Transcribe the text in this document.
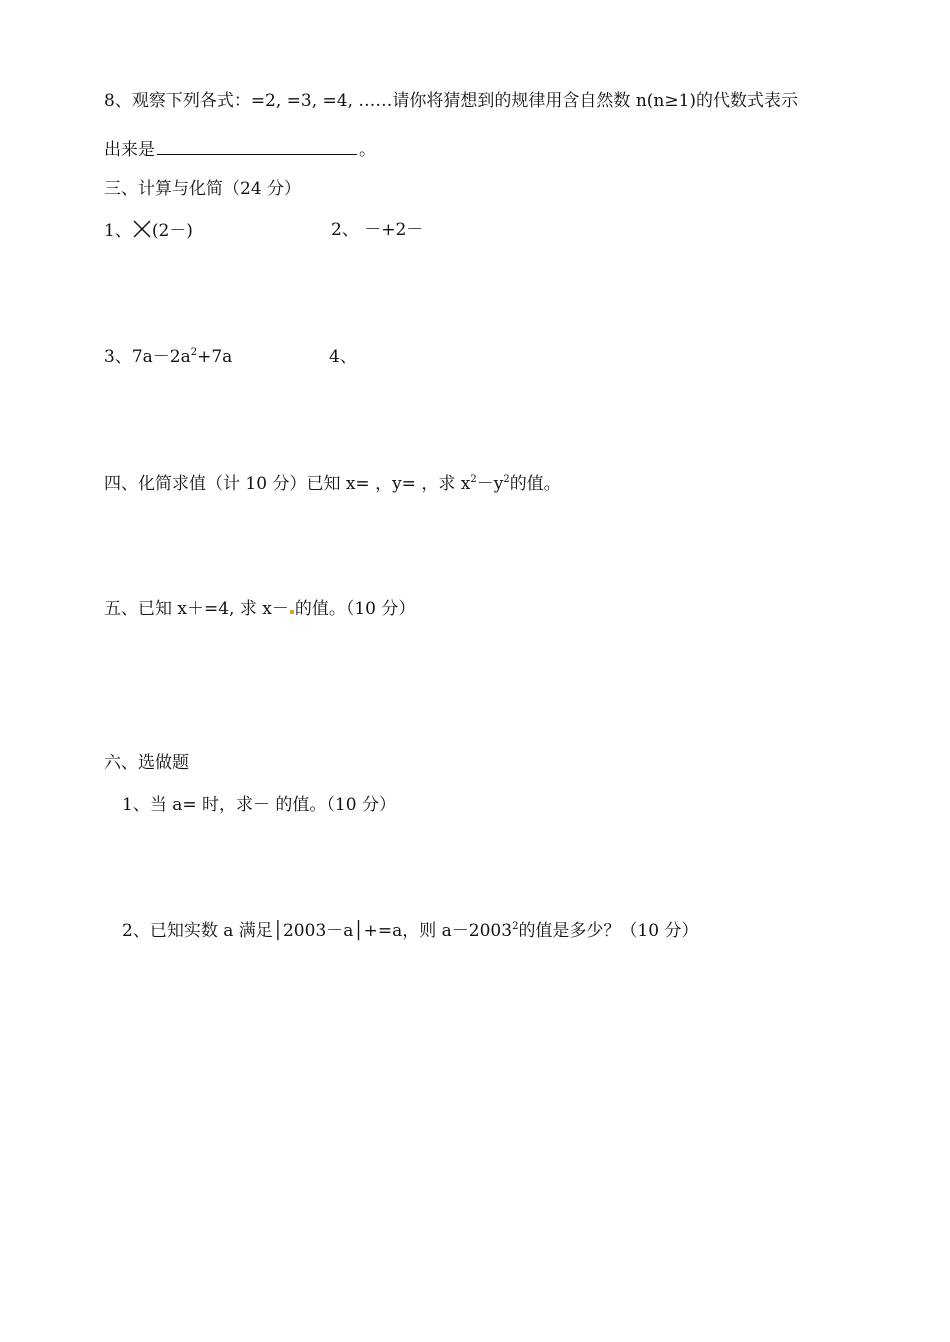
8、观察下列各式：=2, =3, =4, ……请你将猜想到的规律用含自然数 n(n≥1)的代数式表示
出来是	。
三、计算与化简（24 分）
1、 (2－)	2、 －+2－
3、$7a-2a^2+7a$	4、
四、化简求值（计 10 分）已知 x= ，y= ，求 $x^2-y^2$的值。
五、已知 x＋=4, 求 x－ 的值。（10 分）
六、选做题
1、当 a= 时，求－ 的值。（10 分）
2、已知实数 a 满足│2003－a│+=a，则 $a-2003^2$的值是多少？（10 分）
